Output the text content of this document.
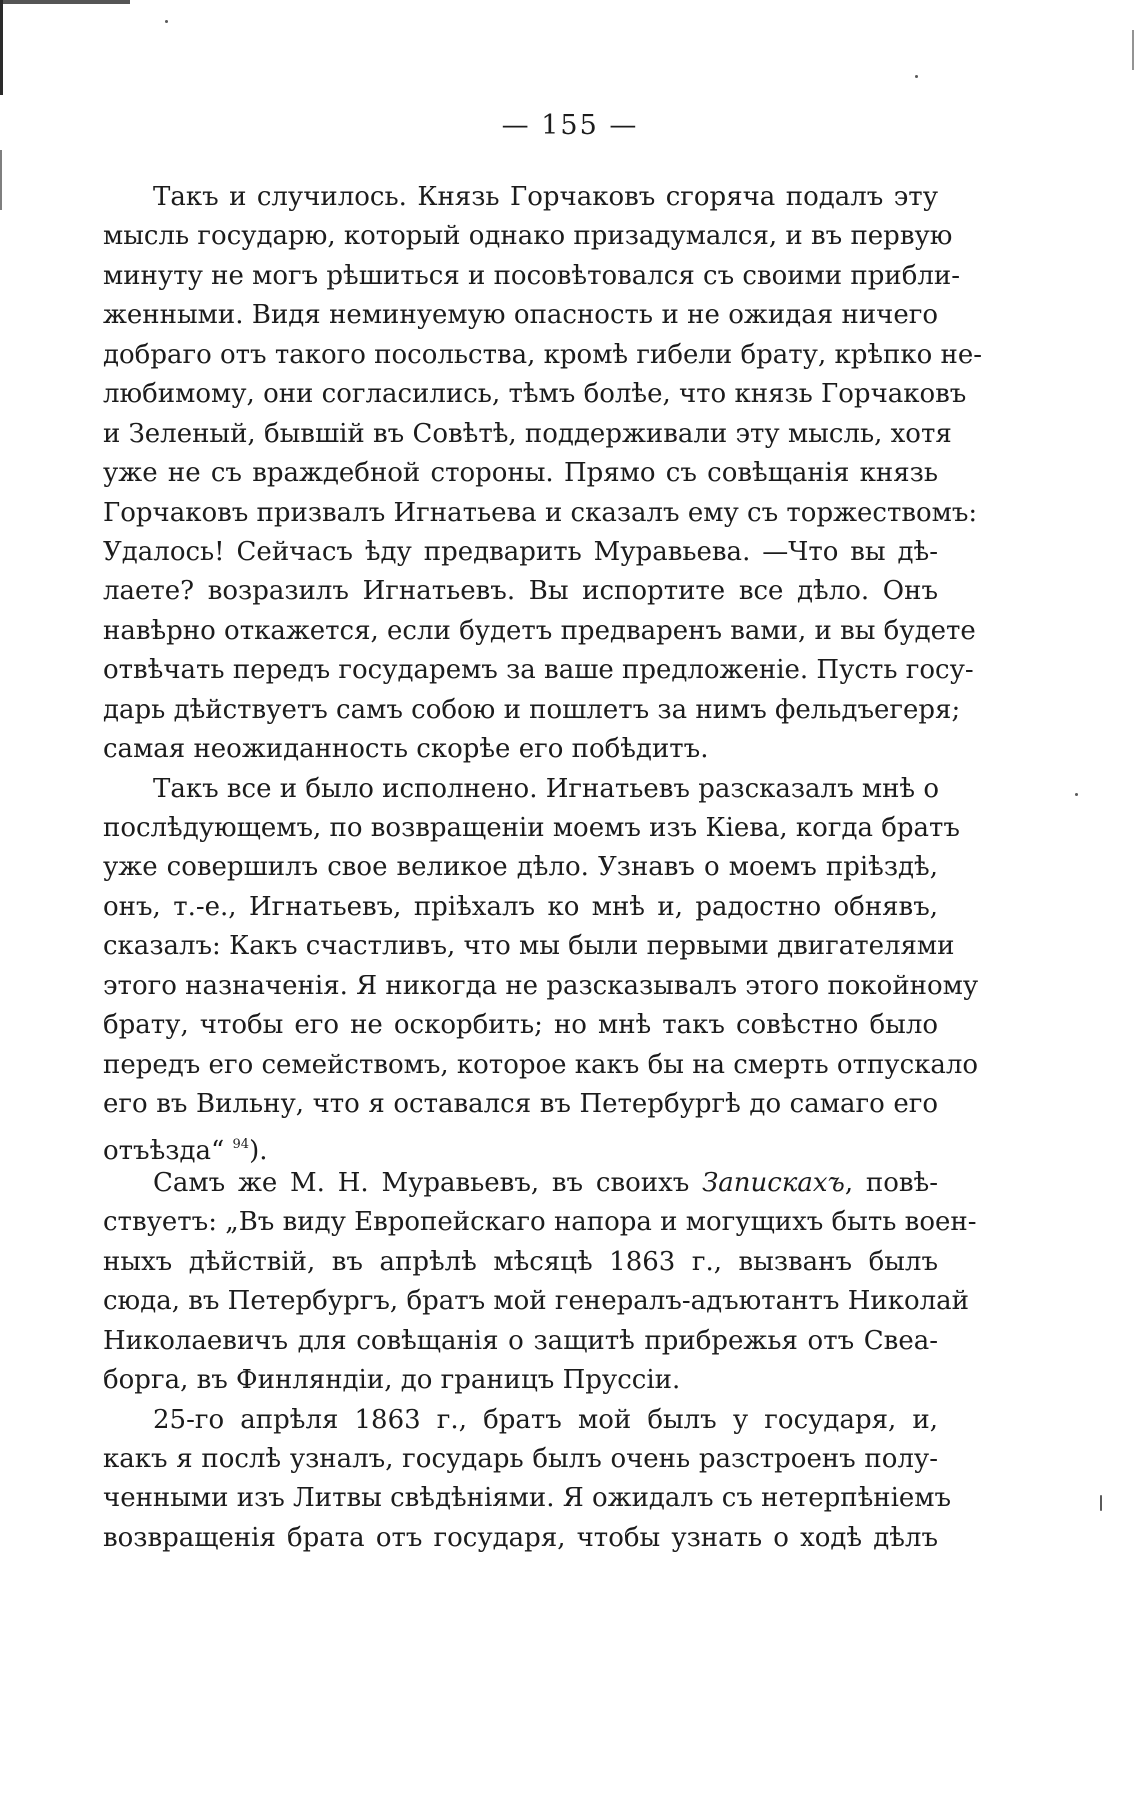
— 155 —
Такъ и случилось. Князь Горчаковъ сгоряча подалъ эту
мысль государю, который однако призадумался, и въ первую
минуту не могъ рѣшиться и посовѣтовался съ своими прибли-
женными. Видя неминуемую опасность и не ожидая ничего
добраго отъ такого посольства, кромѣ гибели брату, крѣпко не-
любимому, они согласились, тѣмъ болѣе, что князь Горчаковъ
и Зеленый, бывшій въ Совѣтѣ, поддерживали эту мысль, хотя
уже не съ враждебной стороны. Прямо съ совѣщанія князь
Горчаковъ призвалъ Игнатьева и сказалъ ему съ торжествомъ:
Удалось! Сейчасъ ѣду предварить Муравьева. —Что вы дѣ-
лаете? возразилъ Игнатьевъ. Вы испортите все дѣло. Онъ
навѣрно откажется, если будетъ предваренъ вами, и вы будете
отвѣчать передъ государемъ за ваше предложеніе. Пусть госу-
дарь дѣйствуетъ самъ собою и пошлетъ за нимъ фельдъегеря;
самая неожиданность скорѣе его побѣдитъ.
Такъ все и было исполнено. Игнатьевъ разсказалъ мнѣ о
послѣдующемъ, по возвращеніи моемъ изъ Кіева, когда братъ
уже совершилъ свое великое дѣло. Узнавъ о моемъ пріѣздѣ,
онъ, т.-е., Игнатьевъ, пріѣхалъ ко мнѣ и, радостно обнявъ,
сказалъ: Какъ счастливъ, что мы были первыми двигателями
этого назначенія. Я никогда не разсказывалъ этого покойному
брату, чтобы его не оскорбить; но мнѣ такъ совѣстно было
передъ его семействомъ, которое какъ бы на смерть отпускало
его въ Вильну, что я оставался въ Петербургѣ до самаго его
отъѣзда“ $^{94}$).
Самъ же М. Н. Муравьевъ, въ своихъ Запискахъ, повѣ-
ствуетъ: „Въ виду Европейскаго напора и могущихъ быть воен-
ныхъ дѣйствій, въ апрѣлѣ мѣсяцѣ 1863 г., вызванъ былъ
сюда, въ Петербургъ, братъ мой генералъ-адъютантъ Николай
Николаевичъ для совѣщанія о защитѣ прибрежья отъ Свеа-
борга, въ Финляндіи, до границъ Пруссіи.
25-го апрѣля 1863 г., братъ мой былъ у государя, и,
какъ я послѣ узналъ, государь былъ очень разстроенъ полу-
ченными изъ Литвы свѣдѣніями. Я ожидалъ съ нетерпѣніемъ
возвращенія брата отъ государя, чтобы узнать о ходѣ дѣлъ
